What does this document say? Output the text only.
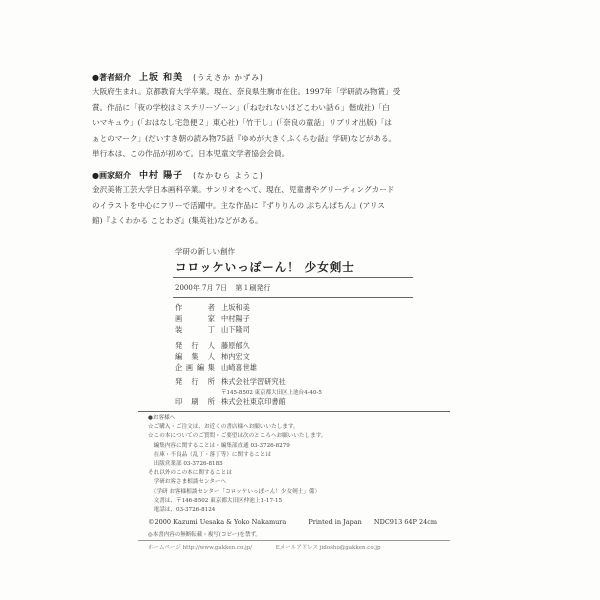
●著者紹介 上坂 和美 (うえさか かずみ)
大阪府生まれ。京都教育大学卒業。現在、奈良県生駒市在住。1997年「学研読み物賞」受
賞。作品に「夜の学校はミステリーゾーン」(「ねむれないほどこわい話６」偕成社)「白
いマキュウ」(「おはなし宅急便２」東心社)「竹干し」(「奈良の童話」リブリオ出版)「は
ぁとのマーク」(だいすき朝の読み物75話『ゆめが大きくふくらむ話』学研)などがある。
単行本は、この作品が初めて。日本児童文学者協会会員。
●画家紹介 中村 陽子 (なかむら ようこ)
金沢美術工芸大学日本画科卒業。サンリオをへて、現在、児童書やグリーティングカード
のイラストを中心にフリーで活躍中。主な作品に『ずりりんの ぷちんぱちん』(アリス
館)『よくわかる ことわざ』(集英社)などがある。
学研の新しい創作
コロッケいっぽーん！ 少女剣士
2000年 7月 7日 第１刷発行
作 者 上坂和美
画 家 中村陽子
装 丁 山下隆司
発行人 藤原郁久
編集人 柿内宏文
企画編集 山崎喜世雄
発行所 株式会社学習研究社
〒145-8502 東京都大田区上池台4-40-5
印刷所 株式会社東京印書館
●お客様へ
☆ご購入・ご注文は、お近くの書店様へお願いいたします。
☆この本についてのご質問・ご要望は次のところへお願いいたします。
　編集内容に関することは・編集部直通 03-3726-8279
　在庫・不良品（乱丁・落丁等）に関することは
　出版営業部 03-3726-8185
それ以外のこの本に関することは
　学研お客さま相談センターへ
　〈学研 お客様相談センター「コロッケいっぽーん！少女剣士」係〉
　文書は、〒146-8502 東京都大田区仲池上1-17-15
　電話は、03-3726-8124
©2000 Kazumi Uesaka & Yoko Nakamura	Printed in Japan NDC913 64P 24cm
◎本書内容の無断転載・複写(コピー)を禁ず。
ホームページ http://www.gakken.co.jp/	Eメールアドレス jidosho@gakken.co.jp
